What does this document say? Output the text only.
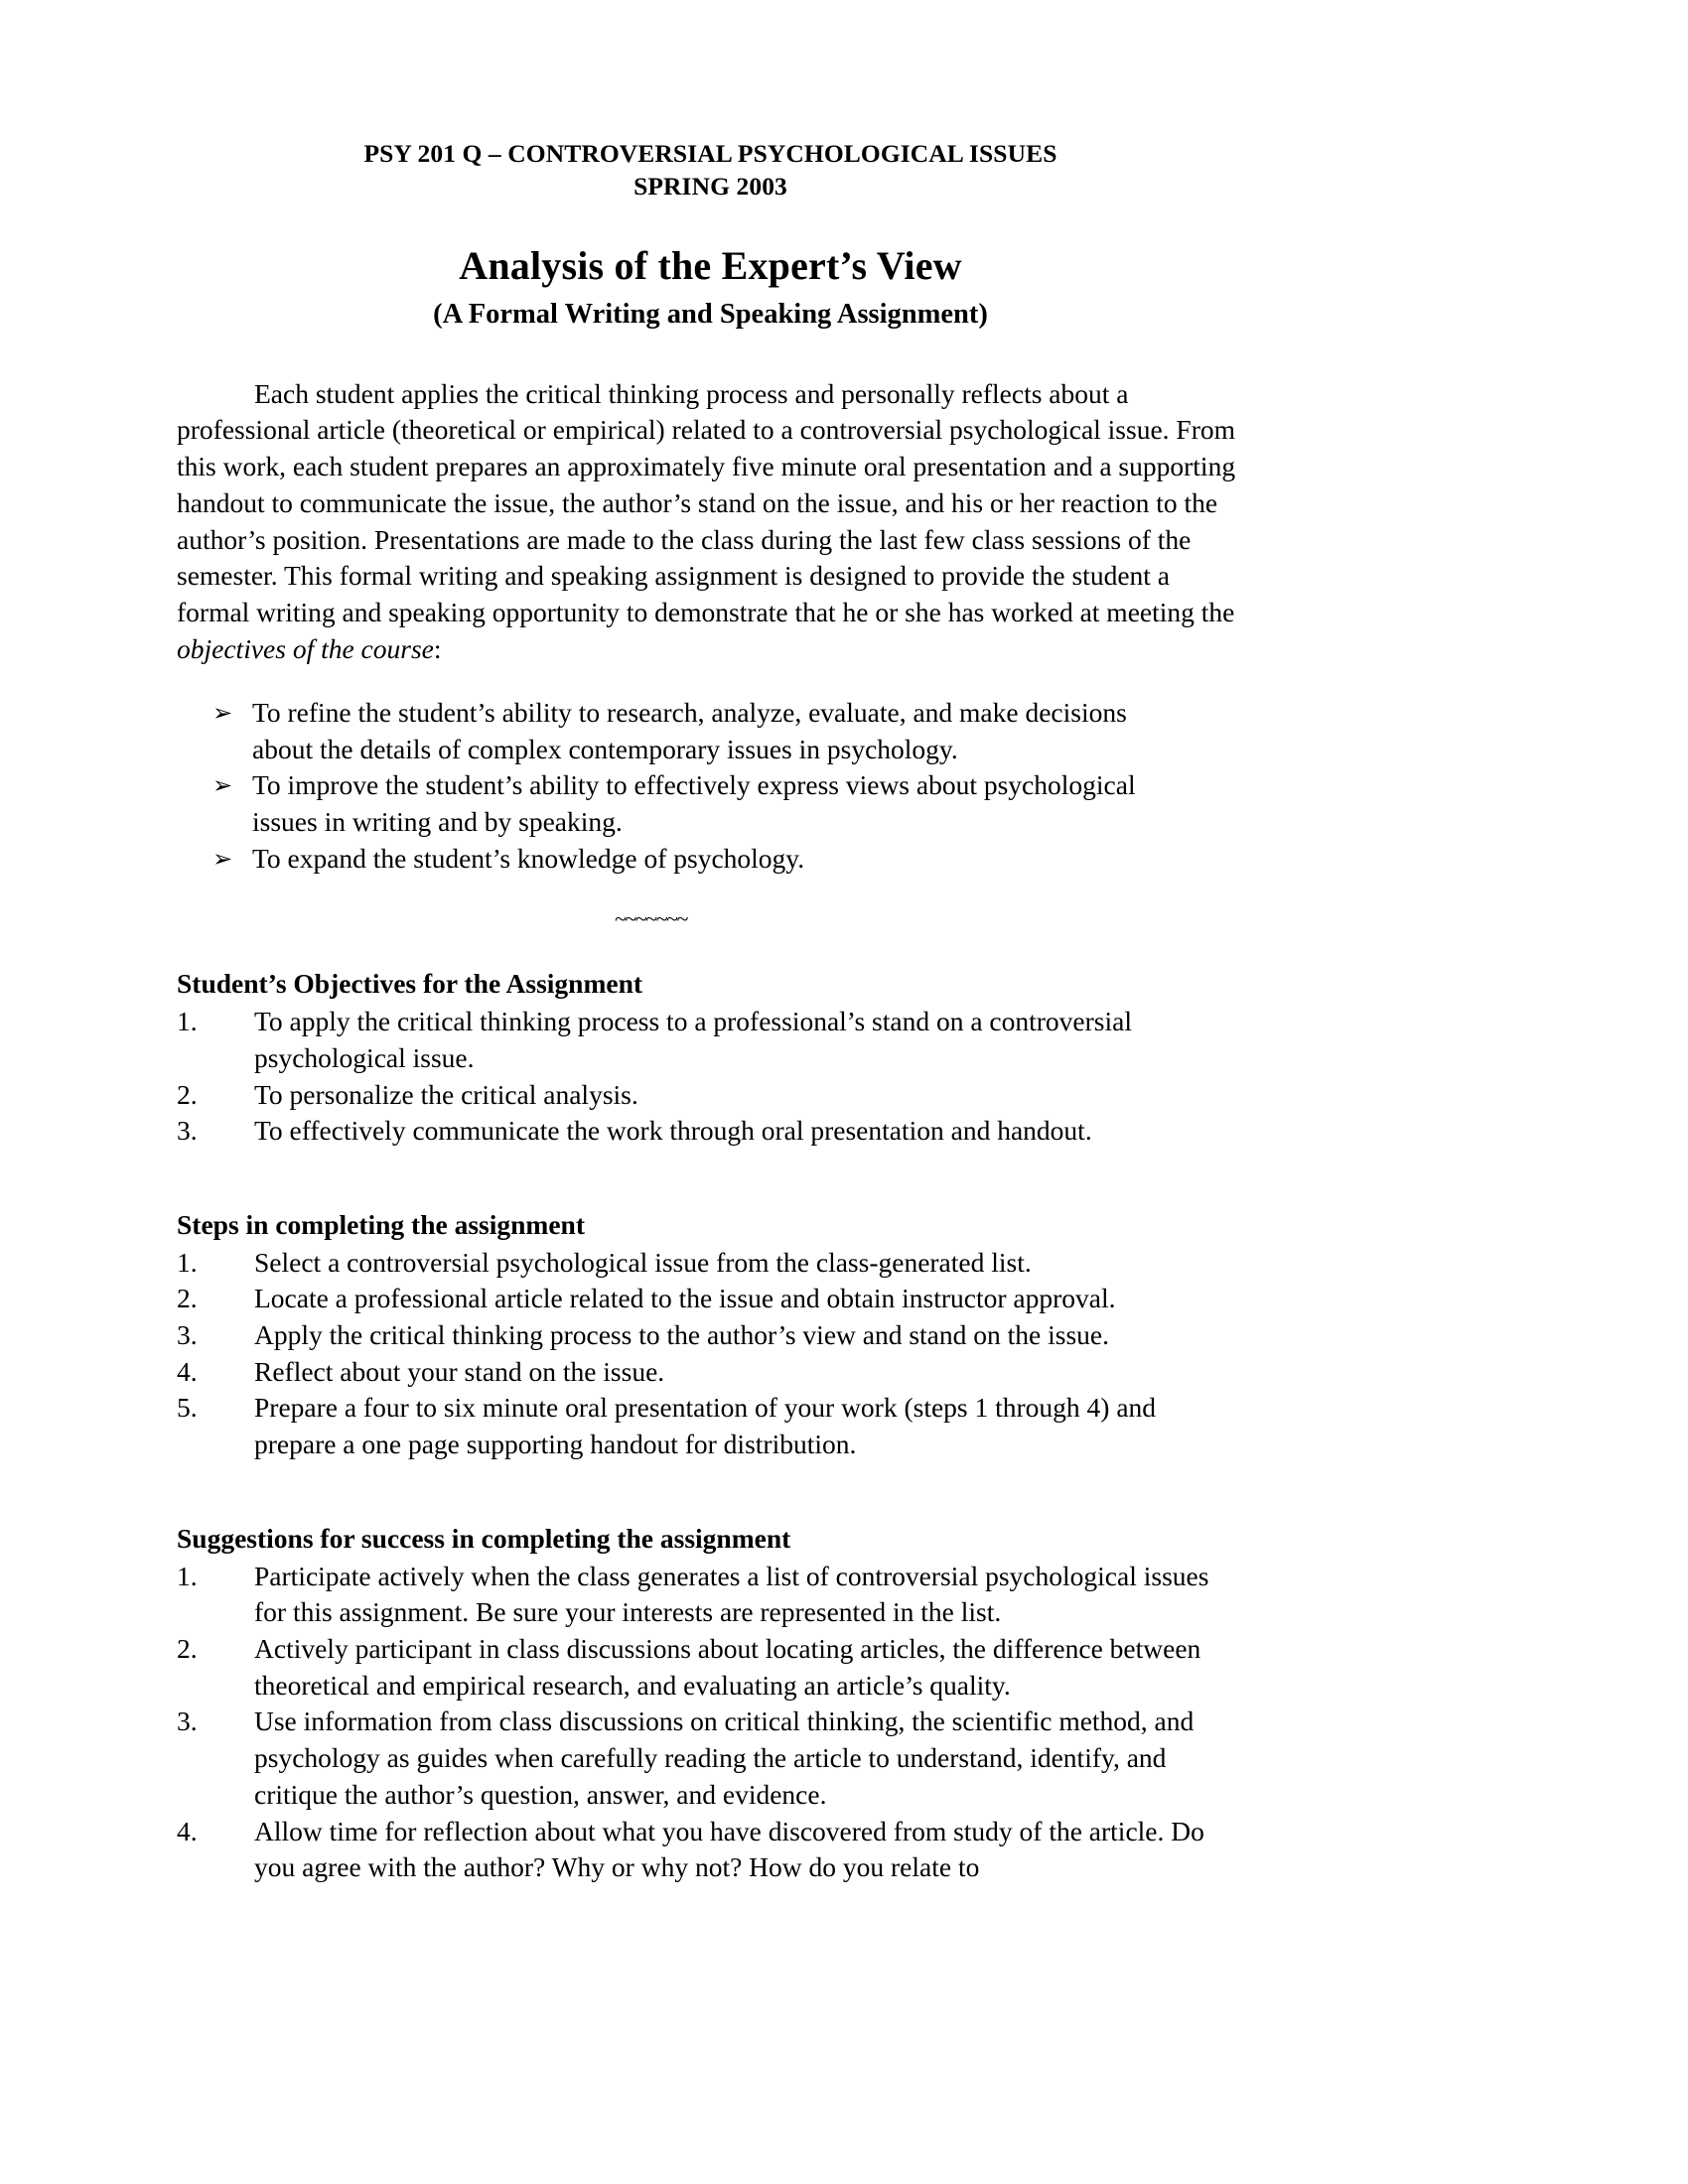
PSY 201 Q – CONTROVERSIAL PSYCHOLOGICAL ISSUES
SPRING 2003
Analysis of the Expert’s View
(A Formal Writing and Speaking Assignment)

Each student applies the critical thinking process and personally reflects about a professional article (theoretical or empirical) related to a controversial psychological issue. From this work, each student prepares an approximately five minute oral presentation and a supporting handout to communicate the issue, the author’s stand on the issue, and his or her reaction to the author’s position. Presentations are made to the class during the last few class sessions of the semester. This formal writing and speaking assignment is designed to provide the student a formal writing and speaking opportunity to demonstrate that he or she has worked at meeting the objectives of the course:

➢ To refine the student’s ability to research, analyze, evaluate, and make decisions about the details of complex contemporary issues in psychology.
➢ To improve the student’s ability to effectively express views about psychological issues in writing and by speaking.
➢ To expand the student’s knowledge of psychology.
~~~~~~~
Student’s Objectives for the Assignment
1.	To apply the critical thinking process to a professional’s stand on a controversial psychological issue.
2.	To personalize the critical analysis.
3.	To effectively communicate the work through oral presentation and handout.
Steps in completing the assignment
1.	Select a controversial psychological issue from the class-generated list.
2.	Locate a professional article related to the issue and obtain instructor approval.
3.	Apply the critical thinking process to the author’s view and stand on the issue.
4.	Reflect about your stand on the issue.
5.	Prepare a four to six minute oral presentation of your work (steps 1 through 4) and prepare a one page supporting handout for distribution.
Suggestions for success in completing the assignment
1.	Participate actively when the class generates a list of controversial psychological issues for this assignment. Be sure your interests are represented in the list.
2.	Actively participant in class discussions about locating articles, the difference between theoretical and empirical research, and evaluating an article’s quality.
3.	Use information from class discussions on critical thinking, the scientific method, and psychology as guides when carefully reading the article to understand, identify, and critique the author’s question, answer, and evidence.
4.	Allow time for reflection about what you have discovered from study of the article. Do you agree with the author? Why or why not? How do you relate to
